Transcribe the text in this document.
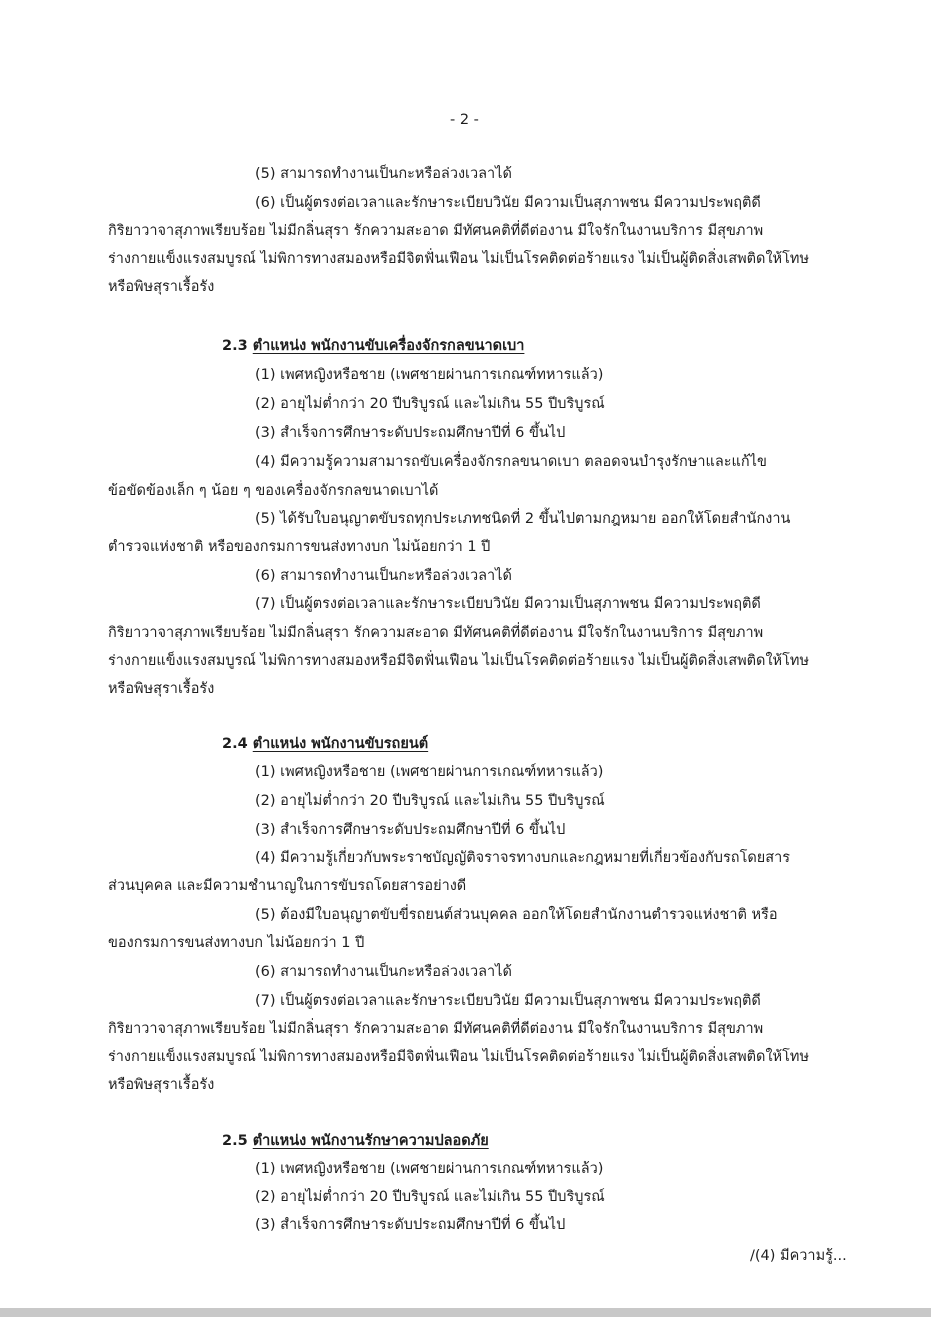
- 2 -

(5) สามารถทำงานเป็นกะหรือล่วงเวลาได้

(6) เป็นผู้ตรงต่อเวลาและรักษาระเบียบวินัย มีความเป็นสุภาพชน มีความประพฤติดี

กิริยาวาจาสุภาพเรียบร้อย ไม่มีกลิ่นสุรา รักความสะอาด มีทัศนคติที่ดีต่องาน มีใจรักในงานบริการ มีสุขภาพ

ร่างกายแข็งแรงสมบูรณ์ ไม่พิการทางสมองหรือมีจิตฟั่นเฟือน ไม่เป็นโรคติดต่อร้ายแรง ไม่เป็นผู้ติดสิ่งเสพติดให้โทษ

หรือพิษสุราเรื้อรัง

2.3 ตำแหน่ง พนักงานขับเครื่องจักรกลขนาดเบา

(1) เพศหญิงหรือชาย (เพศชายผ่านการเกณฑ์ทหารแล้ว)

(2) อายุไม่ต่ำกว่า 20 ปีบริบูรณ์ และไม่เกิน 55 ปีบริบูรณ์

(3) สำเร็จการศึกษาระดับประถมศึกษาปีที่ 6 ขึ้นไป

(4) มีความรู้ความสามารถขับเครื่องจักรกลขนาดเบา ตลอดจนบำรุงรักษาและแก้ไข

ข้อขัดข้องเล็ก ๆ น้อย ๆ ของเครื่องจักรกลขนาดเบาได้

(5) ได้รับใบอนุญาตขับรถทุกประเภทชนิดที่ 2 ขึ้นไปตามกฎหมาย ออกให้โดยสำนักงาน

ตำรวจแห่งชาติ หรือของกรมการขนส่งทางบก ไม่น้อยกว่า 1 ปี

(6) สามารถทำงานเป็นกะหรือล่วงเวลาได้

(7) เป็นผู้ตรงต่อเวลาและรักษาระเบียบวินัย มีความเป็นสุภาพชน มีความประพฤติดี

กิริยาวาจาสุภาพเรียบร้อย ไม่มีกลิ่นสุรา รักความสะอาด มีทัศนคติที่ดีต่องาน มีใจรักในงานบริการ มีสุขภาพ

ร่างกายแข็งแรงสมบูรณ์ ไม่พิการทางสมองหรือมีจิตฟั่นเฟือน ไม่เป็นโรคติดต่อร้ายแรง ไม่เป็นผู้ติดสิ่งเสพติดให้โทษ

หรือพิษสุราเรื้อรัง

2.4 ตำแหน่ง พนักงานขับรถยนต์

(1) เพศหญิงหรือชาย (เพศชายผ่านการเกณฑ์ทหารแล้ว)

(2) อายุไม่ต่ำกว่า 20 ปีบริบูรณ์ และไม่เกิน 55 ปีบริบูรณ์

(3) สำเร็จการศึกษาระดับประถมศึกษาปีที่ 6 ขึ้นไป

(4) มีความรู้เกี่ยวกับพระราชบัญญัติจราจรทางบกและกฎหมายที่เกี่ยวข้องกับรถโดยสาร

ส่วนบุคคล และมีความชำนาญในการขับรถโดยสารอย่างดี

(5) ต้องมีใบอนุญาตขับขี่รถยนต์ส่วนบุคคล ออกให้โดยสำนักงานตำรวจแห่งชาติ หรือ

ของกรมการขนส่งทางบก ไม่น้อยกว่า 1 ปี

(6) สามารถทำงานเป็นกะหรือล่วงเวลาได้

(7) เป็นผู้ตรงต่อเวลาและรักษาระเบียบวินัย มีความเป็นสุภาพชน มีความประพฤติดี

กิริยาวาจาสุภาพเรียบร้อย ไม่มีกลิ่นสุรา รักความสะอาด มีทัศนคติที่ดีต่องาน มีใจรักในงานบริการ มีสุขภาพ

ร่างกายแข็งแรงสมบูรณ์ ไม่พิการทางสมองหรือมีจิตฟั่นเฟือน ไม่เป็นโรคติดต่อร้ายแรง ไม่เป็นผู้ติดสิ่งเสพติดให้โทษ

หรือพิษสุราเรื้อรัง

2.5 ตำแหน่ง พนักงานรักษาความปลอดภัย

(1) เพศหญิงหรือชาย (เพศชายผ่านการเกณฑ์ทหารแล้ว)

(2) อายุไม่ต่ำกว่า 20 ปีบริบูรณ์ และไม่เกิน 55 ปีบริบูรณ์

(3) สำเร็จการศึกษาระดับประถมศึกษาปีที่ 6 ขึ้นไป

/(4) มีความรู้...
